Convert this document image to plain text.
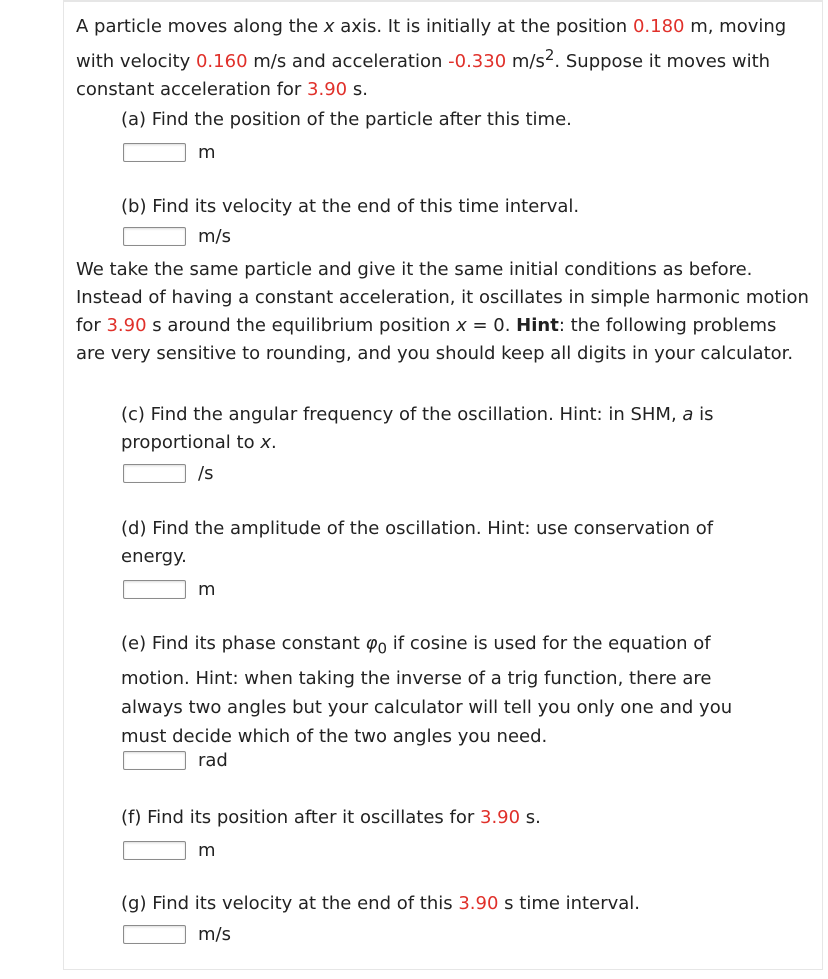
A particle moves along the x axis. It is initially at the position 0.180 m, moving with velocity 0.160 m/s and acceleration -0.330 $m/s^2$. Suppose it moves with constant acceleration for 3.90 s.

(a) Find the position of the particle after this time.

m

(b) Find its velocity at the end of this time interval.

m/s

We take the same particle and give it the same initial conditions as before. Instead of having a constant acceleration, it oscillates in simple harmonic motion for 3.90 s around the equilibrium position x = 0. Hint: the following problems are very sensitive to rounding, and you should keep all digits in your calculator.

(c) Find the angular frequency of the oscillation. Hint: in SHM, a is proportional to x.

/s

(d) Find the amplitude of the oscillation. Hint: use conservation of energy.

m

(e) Find its phase constant $\varphi_0$ if cosine is used for the equation of motion. Hint: when taking the inverse of a trig function, there are always two angles but your calculator will tell you only one and you must decide which of the two angles you need.

rad

(f) Find its position after it oscillates for 3.90 s.

m

(g) Find its velocity at the end of this 3.90 s time interval.

m/s
